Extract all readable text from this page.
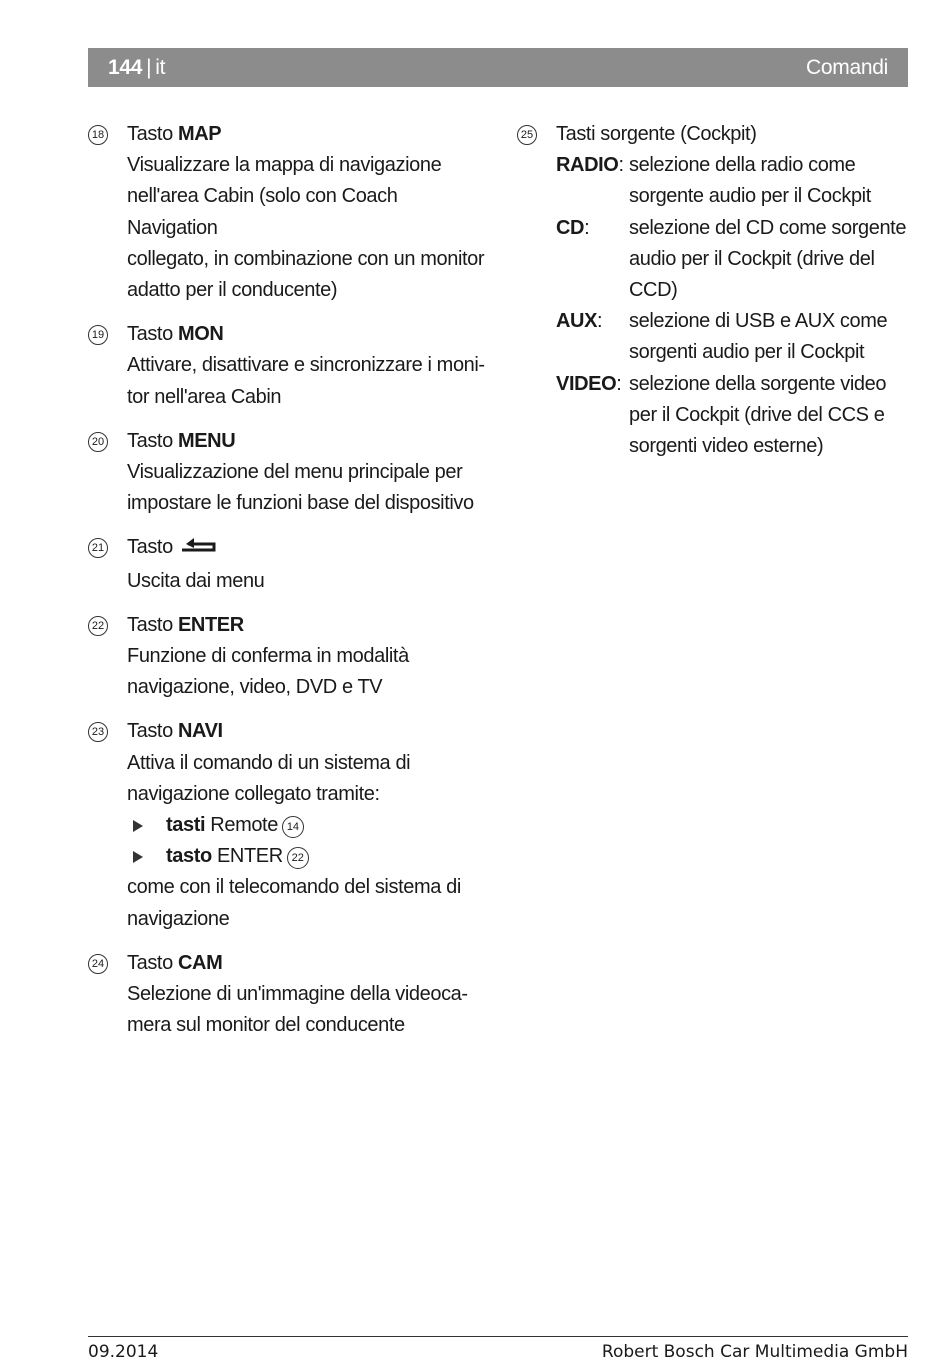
144 | it	Comandi
18 Tasto MAP
Visualizzare la mappa di navigazione
nell'area Cabin (solo con Coach Navigation
collegato, in combinazione con un monitor
adatto per il conducente)
19 Tasto MON
Attivare, disattivare e sincronizzare i moni-
tor nell'area Cabin
20 Tasto MENU
Visualizzazione del menu principale per
impostare le funzioni base del dispositivo
21 Tasto
Uscita dai menu
22 Tasto ENTER
Funzione di conferma in modalità
navigazione, video, DVD e TV
23 Tasto NAVI
Attiva il comando di un sistema di
navigazione collegato tramite:
tasti Remote 14
tasto ENTER 22
come con il telecomando del sistema di
navigazione
24 Tasto CAM
Selezione di un'immagine della videoca-
mera sul monitor del conducente
25 Tasti sorgente (Cockpit)
RADIO: selezione della radio come
sorgente audio per il Cockpit
CD:	selezione del CD come sorgente
audio per il Cockpit (drive del
CCD)
AUX:	selezione di USB e AUX come
sorgenti audio per il Cockpit
VIDEO: selezione della sorgente video
per il Cockpit (drive del CCS e
sorgenti video esterne)
09.2014	Robert Bosch Car Multimedia GmbH
